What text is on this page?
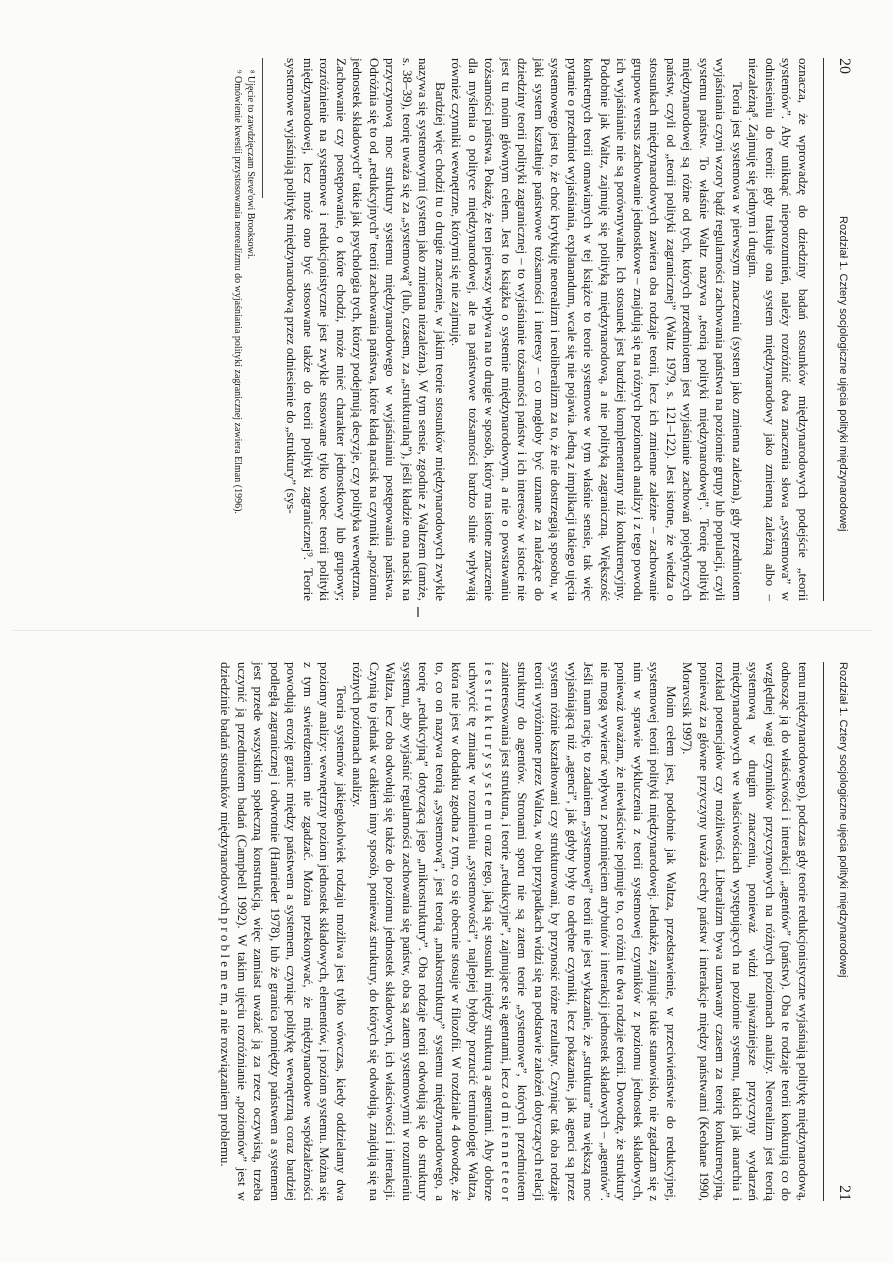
20
Rozdział 1. Cztery socjologiczne ujęcia polityki międzynarodowej

oznacza, że wprowadzę do dziedziny badań stosunków międzynarodowych podejście „teorii systemów”. Aby uniknąć nieporozumień, należy rozróżnić dwa znaczenia słowa „systemowa” w odniesieniu do teorii: gdy traktuje ona system międzynarodowy jako zmienną zależną albo – niezależną⁸. Zajmuję się jednym i drugim.

Teoria jest systemowa w pierwszym znaczeniu (system jako zmienna zależna), gdy przedmiotem wyjaśniania czyni wzory bądź regularności zachowania państwa na poziomie grupy lub populacji, czyli systemu państw. To właśnie Waltz nazywa „teorią polityki międzynarodowej”. Teorię polityki międzynarodowej są różne od tych, których przedmiotem jest wyjaśnianie zachowań pojedynczych państw, czyli od „teorii polityki zagranicznej” (Waltz 1979, s. 121–122). Jest istotne, że wiedza o stosunkach międzynarodowych zawiera oba rodzaje teorii, lecz ich zmienne zależne – zachowanie grupowe versus zachowanie jednostkowe – znajdują się na różnych poziomach analizy i z tego powodu ich wyjaśnianie nie są porównywalne. Ich stosunek jest bardziej komplementarny niż konkurencyjny. Podobnie jak Waltz, zajmuję się polityką międzynarodową, a nie polityką zagraniczną. Większość konkretnych teorii omawianych w tej książce to teorie systemowe w tym właśnie sensie, tak więc pytanie o przedmiot wyjaśniania, explanandum, wcale się nie pojawia. Jedną z implikacji takiego ujęcia systemowego jest to, że choć krytykuję neorealizm i neoliberalizm za to, że nie dostrzegają sposobu, w jaki system kształtuje państwowe tożsamości i interesy – co mogłoby być uznane za należące do dziedziny teorii polityki zagranicznej – to wyjaśnianie tożsamości państw i ich interesów w istocie nie jest tu moim głównym celem. Jest to książka o systemie międzynarodowym, a nie o powstawaniu tożsamości państwa. Pokażę, że ten pierwszy wpływa na to drugie w sposób, który ma istotne znaczenie dla myślenia o polityce międzynarodowej, ale na państwowe tożsamości bardzo silnie wpływają również czynniki wewnętrzne, którymi się nie zajmuję.

Bardziej więc chodzi tu o drugie znaczenie, w jakim teorie stosunków międzynarodowych zwykle nazywa się systemowymi (system jako zmienna niezależna). W tym sensie, zgodnie z Waltzem (tamże, s. 38–39), teorię uważa się za „systemową” (lub, czasem, za „strukturalną”), jeśli kładzie ona nacisk na przyczynową moc struktury systemu międzynarodowego w wyjaśnianiu postępowania państwa. Odróżnia się to od „redukcyjnych” teorii zachowania państwa, które kładą nacisk na czynniki „poziomu jednostek składowych” takie jak psychologia tych, którzy podejmują decyzje, czy polityka wewnętrzna. Zachowanie czy postępowanie, o które chodzi, może mieć charakter jednostkowy lub grupowy; rozróżnienie na systemowe i redukcjonistyczne jest zwykle stosowane tylko wobec teorii polityki międzynarodowej, lecz może ono być stosowane także do teorii polityki zagranicznej⁹. Teorie systemowe wyjaśniają politykę międzynarodową przez odniesienie do „struktury” (sys-

⁸ Ujęcie to zawdzięczam Steve'owi Brooksowi.

⁹ Omówienie kwestii przystosowania neorealizmu do wyjaśniania polityki zagranicznej zawiera Elman (1996).

Rozdział 1. Cztery socjologiczne ujęcia polityki międzynarodowej
21

temu międzynarodowego), podczas gdy teorie redukcjonistyczne wyjaśniają politykę międzynarodową, odnosząc ją do właściwości i interakcji „agentów” (państw). Oba te rodzaje teorii konkurują co do względnej wagi czynników przyczynowych na różnych poziomach analizy. Neorealizm jest teorią systemową w drugim znaczeniu, ponieważ widzi najważniejsze przyczyny wydarzeń międzynarodowych we właściwościach występujących na poziomie systemu, takich jak anarchia i rozkład potencjałów czy możliwości. Liberalizm bywa uznawany czasem za teorię konkurencyjną, ponieważ za główne przyczyny uważa cechy państw i interakcje między państwami (Keohane 1990, Moravcsik 1997).

Moim celem jest, podobnie jak Waltza, przedstawienie, w przeciwieństwie do redukcyjnej, systemowej teorii polityki międzynarodowej. Jednakże, zajmując takie stanowisko, nie zgadzam się z nim w sprawie wykluczenia z teorii systemowej czynników z poziomu jednostek składowych, ponieważ uważam, że niewłaściwie pojmuje to, co różni te dwa rodzaje teorii. Dowodzę, że struktury nie mogą wywierać wpływu z pominięciem atrybutów i interakcji jednostek składowych – „agentów”. Jeśli mam rację, to zadaniem „systemowej” teorii nie jest wykazanie, że „struktura” ma większą moc wyjaśniającą niż „agenci”, jak gdyby były to odrębne czynniki, lecz pokazanie, jak agenci są przez system różnie kształtowani czy strukturowani, by przynosić różne rezultaty. Czyniąc tak oba rodzaje teorii wyróżnione przez Waltza, w obu przypadkach widzi się na podstawie założeń dotyczących relacji struktury do agentów. Stronami sporu nie są zatem teorie „systemowe”, których przedmiotem zainteresowania jest struktura, i teorie „redukcyjne”, zajmujące się agentami, lecz o d m i e n n e t e o r i e s t r u k t u r y s y s t e m u oraz tego, jaką się stosunki między strukturą a agentami. Aby dobrze uchwycić tę zmianę w rozumieniu „systemowości”, najlepiej byłoby porzucić terminologię Waltza, która nie jest w dodatku zgodna z tym, co się obecnie stosuje w filozofii. W rozdziale 4 dowodzę, że to, co on nazywa teorią „systemową”, jest teorią „makrostruktury” systemu międzynarodowego, a teorię „redukcyjną” dotyczącą jego „mikrostruktury”. Oba rodzaje teorii odwołują się do struktury systemu, aby wyjaśnić regularności zachowania się państw, oba są zatem systemowymi w rozumieniu Waltza, lecz oba odwołują się także do poziomu jednostek składowych, ich właściwości i interakcji. Czynią to jednak w całkiem inny sposób, ponieważ struktury, do których się odwołują, znajdują się na różnych poziomach analizy.

Teoria systemów jakiegokolwiek rodzaju możliwa jest tylko wówczas, kiedy oddzielamy dwa poziomy analizy: wewnętrzny poziom jednostek składowych, elementów, i poziom systemu. Można się z tym stwierdzeniem nie zgadzać. Można przekonywać, że międzynarodowe współzależności powodują erozję granic między państwem a systemem, czyniąc politykę wewnętrzną coraz bardziej podległą zagranicznej i odwrotnie (Hanrieder 1978), lub że granica pomiędzy państwem a systemem jest przede wszystkim społeczną konstrukcją, więc zamiast uważać ją za rzecz oczywistą, trzeba uczynić ją przedmiotem badań (Campbell 1992). W takim ujęciu rozróżnianie „poziomów” jest w dziedzinie badań stosunków międzynarodowych p r o b l e m e m, a nie rozwiązaniem problemu.
